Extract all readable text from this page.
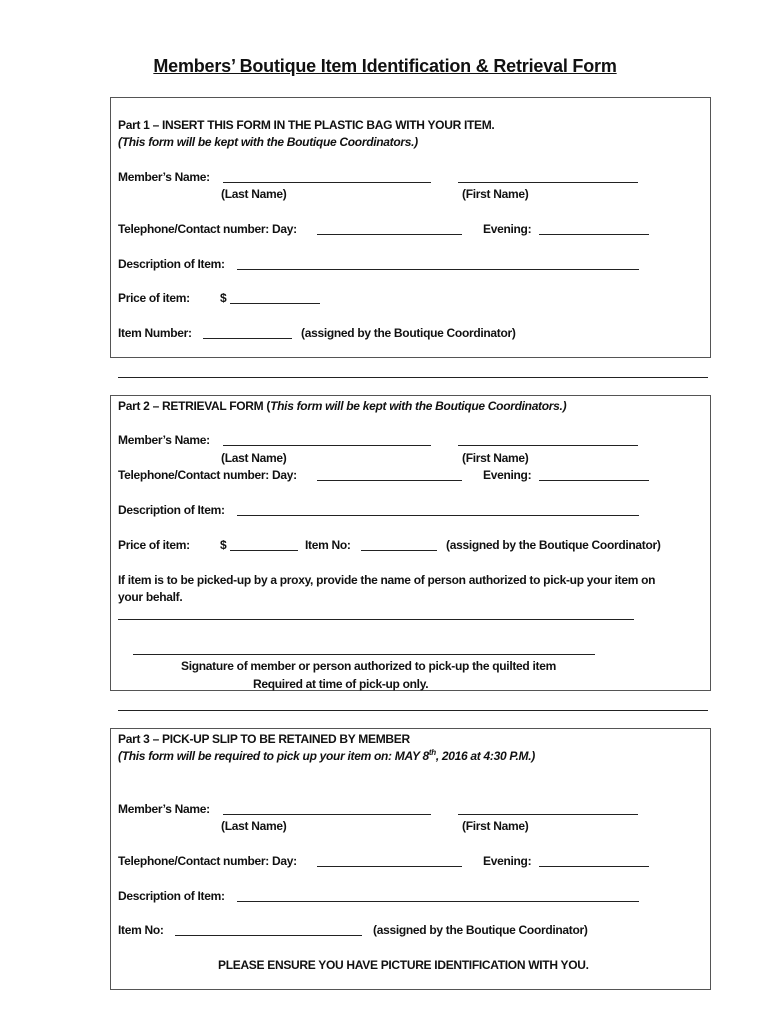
Members’ Boutique Item Identification & Retrieval Form
Part 1 – INSERT THIS FORM IN THE PLASTIC BAG WITH YOUR ITEM.
(This form will be kept with the Boutique Coordinators.)
Member’s Name:
(Last Name)	(First Name)
Telephone/Contact number: Day:	Evening:
Description of Item:
Price of item:	$
Item Number:	(assigned by the Boutique Coordinator)
Part 2 – RETRIEVAL FORM (This form will be kept with the Boutique Coordinators.)
Member’s Name:
(Last Name)	(First Name)
Telephone/Contact number: Day:	Evening:
Description of Item:
Price of item:	$	Item No:	(assigned by the Boutique Coordinator)
If item is to be picked-up by a proxy, provide the name of person authorized to pick-up your item on
your behalf.
Signature of member or person authorized to pick-up the quilted item
Required at time of pick-up only.
Part 3 – PICK-UP SLIP TO BE RETAINED BY MEMBER
(This form will be required to pick up your item on: MAY 8th, 2016 at 4:30 P.M.)
Member’s Name:
(Last Name)	(First Name)
Telephone/Contact number: Day:	Evening:
Description of Item:
Item No:	(assigned by the Boutique Coordinator)
PLEASE ENSURE YOU HAVE PICTURE IDENTIFICATION WITH YOU.
